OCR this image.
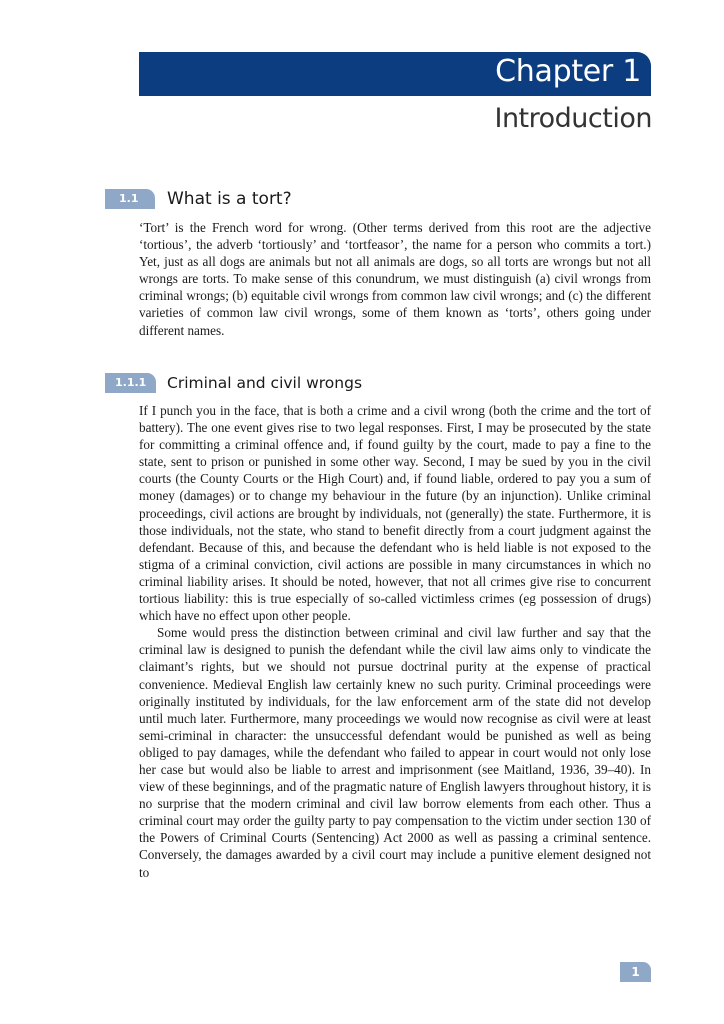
Chapter 1
Introduction
1.1	What is a tort?

‘Tort’ is the French word for wrong. (Other terms derived from this root are the adjective ‘tortious’, the adverb ‘tortiously’ and ‘tortfeasor’, the name for a person who commits a tort.) Yet, just as all dogs are animals but not all animals are dogs, so all torts are wrongs but not all wrongs are torts. To make sense of this conundrum, we must distinguish (a) civil wrongs from criminal wrongs; (b) equitable civil wrongs from common law civil wrongs; and (c) the different varieties of common law civil wrongs, some of them known as ‘torts’, others going under different names.

1.1.1	Criminal and civil wrongs

If I punch you in the face, that is both a crime and a civil wrong (both the crime and the tort of battery). The one event gives rise to two legal responses. First, I may be prosecuted by the state for committing a criminal offence and, if found guilty by the court, made to pay a fine to the state, sent to prison or punished in some other way. Second, I may be sued by you in the civil courts (the County Courts or the High Court) and, if found liable, ordered to pay you a sum of money (damages) or to change my behaviour in the future (by an injunction). Unlike criminal proceedings, civil actions are brought by individuals, not (generally) the state. Furthermore, it is those individuals, not the state, who stand to benefit directly from a court judgment against the defendant. Because of this, and because the defendant who is held liable is not exposed to the stigma of a criminal conviction, civil actions are possible in many circumstances in which no criminal liability arises. It should be noted, however, that not all crimes give rise to concurrent tortious liability: this is true especially of so-called victimless crimes (eg possession of drugs) which have no effect upon other people.

Some would press the distinction between criminal and civil law further and say that the criminal law is designed to punish the defendant while the civil law aims only to vindicate the claimant’s rights, but we should not pursue doctrinal purity at the expense of practical convenience. Medieval English law certainly knew no such purity. Criminal proceedings were originally instituted by individuals, for the law enforcement arm of the state did not develop until much later. Furthermore, many proceedings we would now recognise as civil were at least semi-criminal in character: the unsuccessful defendant would be punished as well as being obliged to pay damages, while the defendant who failed to appear in court would not only lose her case but would also be liable to arrest and imprisonment (see Maitland, 1936, 39–40). In view of these beginnings, and of the pragmatic nature of English lawyers throughout history, it is no surprise that the modern criminal and civil law borrow elements from each other. Thus a criminal court may order the guilty party to pay compensation to the victim under section 130 of the Powers of Criminal Courts (Sentencing) Act 2000 as well as passing a criminal sentence. Conversely, the damages awarded by a civil court may include a punitive element designed not to

1
